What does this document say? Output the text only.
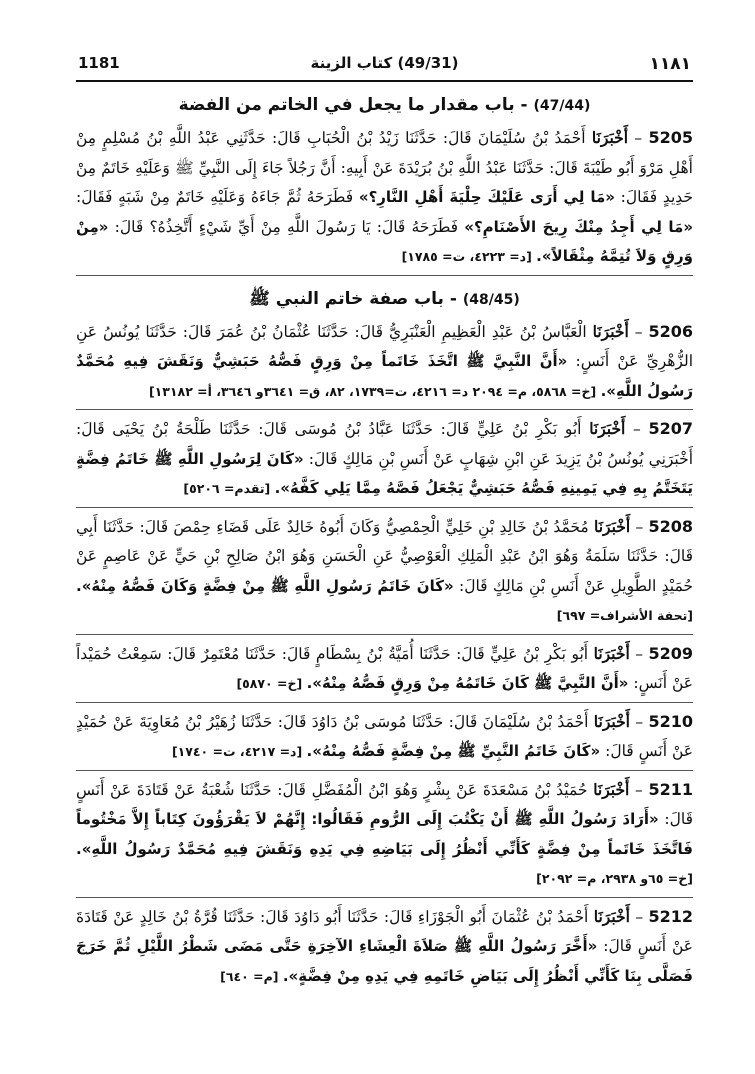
1181	(49/31) كتاب الزينة	١١٨١
(47/44) - باب مقدار ما يجعل في الخاتم من الفضة
5205 – أَخْبَرَنَا أَحْمَدُ بْنُ سُلَيْمَانَ قَالَ: حَدَّثَنَا زَيْدُ بْنُ الْحُبَابِ قَالَ: حَدَّثَنِي عَبْدُ اللَّهِ بْنُ مُسْلِمٍ مِنْ أَهْلِ مَرْوَ أَبُو طَيْبَةَ قَالَ: حَدَّثَنَا عَبْدُ اللَّهِ بْنُ بُرَيْدَةَ عَنْ أَبِيهِ: أَنَّ رَجُلاً جَاءَ إِلَى النَّبِيِّ ﷺ وَعَلَيْهِ خَاتَمٌ مِنْ حَدِيدٍ فَقَالَ: «مَا لِي أَرَى عَلَيْكَ حِلْيَةَ أَهْلِ النَّارِ؟» فَطَرَحَهُ ثُمَّ جَاءَهُ وَعَلَيْهِ خَاتَمٌ مِنْ شَبَهٍ فَقَالَ: «مَا لِي أَجِدُ مِنْكَ رِيحَ الأَصْنَامِ؟» فَطَرَحَهُ قَالَ: يَا رَسُولَ اللَّهِ مِنْ أَيِّ شَيْءٍ أَتَّخِذُهُ؟ قَالَ: «مِنْ وَرِقٍ وَلاَ تُتِمَّهُ مِثْقَالاً». [د= ٤٢٢٣، ت= ١٧٨٥]
(48/45) - باب صفة خاتم النبي ﷺ
5206 – أَخْبَرَنَا الْعَبَّاسُ بْنُ عَبْدِ الْعَظِيمِ الْعَنْبَرِيُّ قَالَ: حَدَّثَنَا عُثْمَانُ بْنُ عُمَرَ قَالَ: حَدَّثَنَا يُونُسُ عَنِ الزُّهْرِيِّ عَنْ أَنَسٍ: «أَنَّ النَّبِيَّ ﷺ اتَّخَذَ خَاتَماً مِنْ وَرِقٍ فَصُّهُ حَبَشِيٌّ وَنَقَشَ فِيهِ مُحَمَّدٌ رَسُولُ اللَّهِ». [خ= ٥٨٦٨، م= ٢٠٩٤ د= ٤٢١٦، ت=١٧٣٩، ٨٢، ق= ٣٦٤١و ٣٦٤٦، أ= ١٣١٨٢]
5207 – أَخْبَرَنَا أَبُو بَكْرِ بْنُ عَلِيٍّ قَالَ: حَدَّثَنَا عَبَّادُ بْنُ مُوسَى قَالَ: حَدَّثَنَا طَلْحَةُ بْنُ يَحْيَى قَالَ: أَخْبَرَنِي يُونُسُ بْنُ يَزِيدَ عَنِ ابْنِ شِهَابٍ عَنْ أَنَسِ بْنِ مَالِكٍ قَالَ: «كَانَ لِرَسُولِ اللَّهِ ﷺ خَاتَمُ فِضَّةٍ يَتَخَتَّمُ بِهِ فِي يَمِينِهِ فَصُّهُ حَبَشِيٌّ يَجْعَلُ فَصَّهُ مِمَّا يَلِي كَفَّهُ». [تقدم= ٥٢٠٦]
5208 – أَخْبَرَنَا مُحَمَّدُ بْنُ خَالِدِ بْنِ خَلِيٍّ الْحِمْصِيُّ وَكَانَ أَبُوهُ خَالِدٌ عَلَى قَضَاءِ حِمْصَ قَالَ: حَدَّثَنَا أَبِي قَالَ: حَدَّثَنَا سَلَمَةُ وَهُوَ ابْنُ عَبْدِ الْمَلِكِ الْعَوْصِيُّ عَنِ الْحَسَنِ وَهُوَ ابْنُ صَالِحِ بْنِ حَيٍّ عَنْ عَاصِمٍ عَنْ حُمَيْدٍ الطَّوِيلِ عَنْ أَنَسِ بْنِ مَالِكٍ قَالَ: «كَانَ خَاتَمُ رَسُولِ اللَّهِ ﷺ مِنْ فِضَّةٍ وَكَانَ فَصُّهُ مِنْهُ». [تحفة الأشراف= ٦٩٧]
5209 – أَخْبَرَنَا أَبُو بَكْرِ بْنُ عَلِيٍّ قَالَ: حَدَّثَنَا أُمَيَّةُ بْنُ بِسْطَامٍ قَالَ: حَدَّثَنَا مُعْتَمِرٌ قَالَ: سَمِعْتُ حُمَيْداً عَنْ أَنَسٍ: «أَنَّ النَّبِيَّ ﷺ كَانَ خَاتَمُهُ مِنْ وَرِقٍ فَصُّهُ مِنْهُ». [خ= ٥٨٧٠]
5210 – أَخْبَرَنَا أَحْمَدُ بْنُ سُلَيْمَانَ قَالَ: حَدَّثَنَا مُوسَى بْنُ دَاوُدَ قَالَ: حَدَّثَنَا زُهَيْرُ بْنُ مُعَاوِيَةَ عَنْ حُمَيْدٍ عَنْ أَنَسٍ قَالَ: «كَانَ خَاتَمُ النَّبِيِّ ﷺ مِنْ فِضَّةٍ فَصُّهُ مِنْهُ». [د= ٤٢١٧، ت= ١٧٤٠]
5211 – أَخْبَرَنَا حُمَيْدُ بْنُ مَسْعَدَةَ عَنْ بِشْرٍ وَهُوَ ابْنُ الْمُفَضَّلِ قَالَ: حَدَّثَنَا شُعْبَةُ عَنْ قَتَادَةَ عَنْ أَنَسٍ قَالَ: «أَرَادَ رَسُولُ اللَّهِ ﷺ أَنْ يَكْتُبَ إِلَى الرُّومِ فَقَالُوا: إِنَّهُمْ لاَ يَقْرَؤُونَ كِتَاباً إِلاَّ مَخْتُوماً فَاتَّخَذَ خَاتَماً مِنْ فِضَّةٍ كَأَنِّي أَنْظُرُ إِلَى بَيَاضِهِ فِي يَدِهِ وَنَقَشَ فِيهِ مُحَمَّدٌ رَسُولُ اللَّهِ». [خ= ٦٥و ٢٩٣٨، م= ٢٠٩٢]
5212 – أَخْبَرَنَا أَحْمَدُ بْنُ عُثْمَانَ أَبُو الْجَوْزَاءِ قَالَ: حَدَّثَنَا أَبُو دَاوُدَ قَالَ: حَدَّثَنَا قُرَّةُ بْنُ خَالِدٍ عَنْ قَتَادَةَ عَنْ أَنَسٍ قَالَ: «أَخَّرَ رَسُولُ اللَّهِ ﷺ صَلاَةَ الْعِشَاءِ الآخِرَةِ حَتَّى مَضَى شَطْرُ اللَّيْلِ ثُمَّ خَرَجَ فَصَلَّى بِنَا كَأَنِّي أَنْظُرُ إِلَى بَيَاضِ خَاتَمِهِ فِي يَدِهِ مِنْ فِضَّةٍ». [م= ٦٤٠]
